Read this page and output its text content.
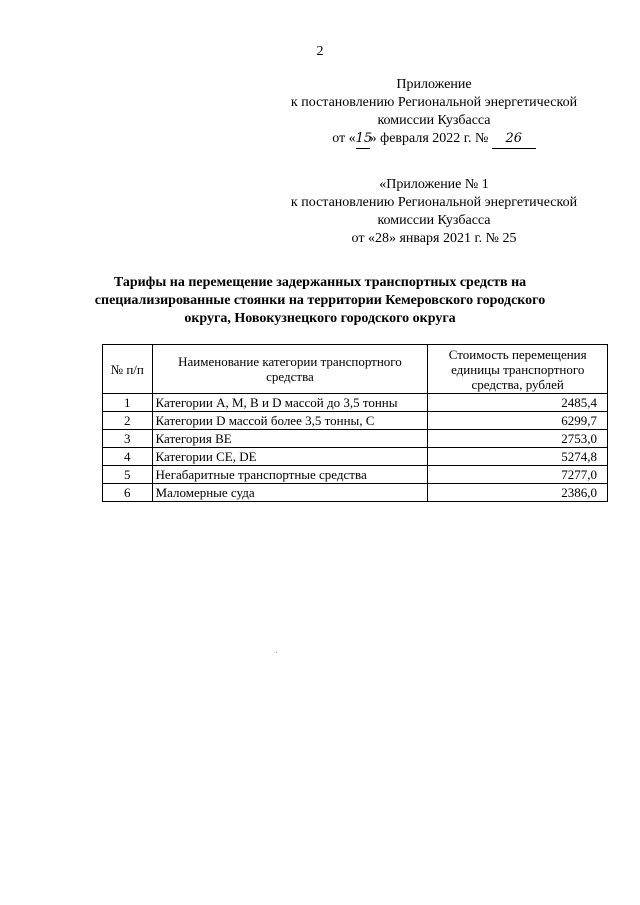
2
Приложение
к постановлению Региональной энергетической
комиссии Кузбасса
от «15» февраля 2022 г. № 26
«Приложение № 1
к постановлению Региональной энергетической
комиссии Кузбасса
от «28» января 2021 г. № 25
Тарифы на перемещение задержанных транспортных средств на
специализированные стоянки на территории Кемеровского городского
округа, Новокузнецкого городского округа
№ п/п	Наименование категории транспортного средства	Стоимость перемещения единицы транспортного средства, рублей
1	Категории A, M, B и D массой до 3,5 тонны	2485,4
2	Категории D массой более 3,5 тонны, C	6299,7
3	Категория BE	2753,0
4	Категории CE, DE	5274,8
5	Негабаритные транспортные средства	7277,0
6	Маломерные суда	2386,0
